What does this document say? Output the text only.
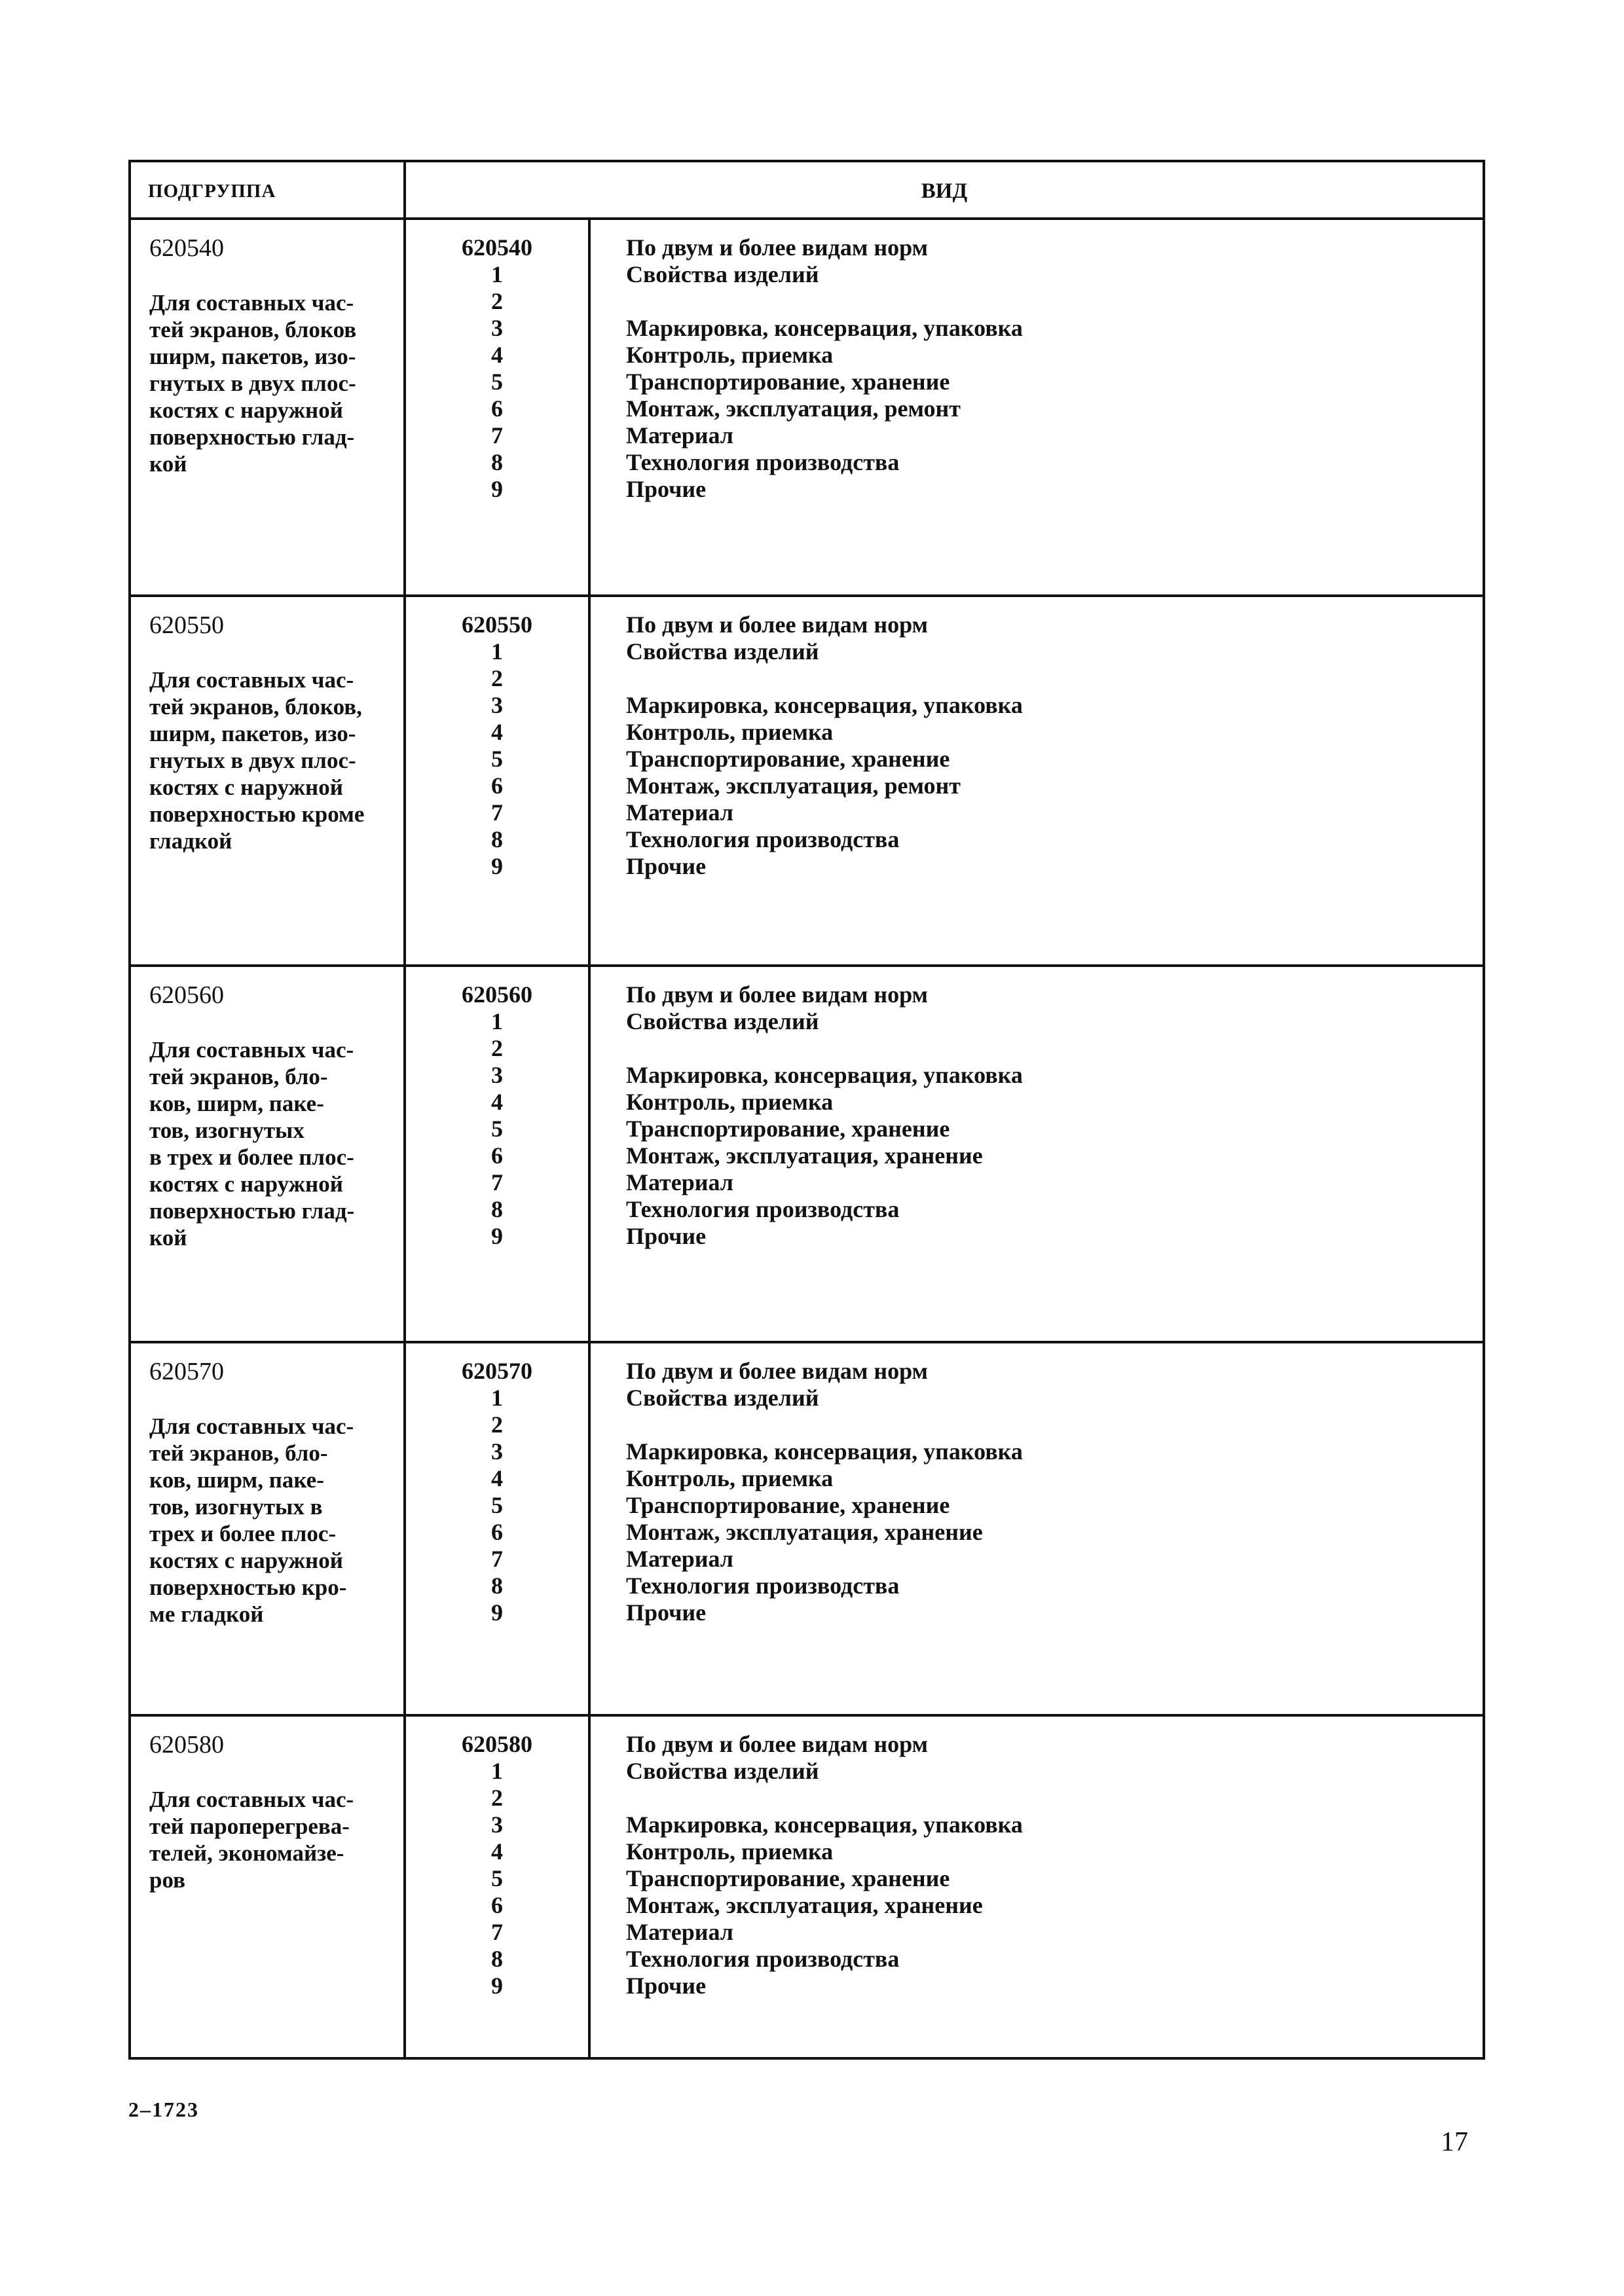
ПОДГРУППА	ВИД
620540
Для составных час-
тей экранов, блоков
ширм, пакетов, изо-
гнутых в двух плос-
костях с наружной
поверхностью глад-
кой
620540
1
2
3
4
5
6
7
8
9
По двум и более видам норм
Свойства изделий
Маркировка, консервация, упаковка
Контроль, приемка
Транспортирование, хранение
Монтаж, эксплуатация, ремонт
Материал
Технология производства
Прочие
620550
Для составных час-
тей экранов, блоков,
ширм, пакетов, изо-
гнутых в двух плос-
костях с наружной
поверхностью кроме
гладкой
620550
1
2
3
4
5
6
7
8
9
По двум и более видам норм
Свойства изделий
Маркировка, консервация, упаковка
Контроль, приемка
Транспортирование, хранение
Монтаж, эксплуатация, ремонт
Материал
Технология производства
Прочие
620560
Для составных час-
тей экранов, бло-
ков, ширм, паке-
тов, изогнутых
в трех и более плос-
костях с наружной
поверхностью глад-
кой
620560
1
2
3
4
5
6
7
8
9
По двум и более видам норм
Свойства изделий
Маркировка, консервация, упаковка
Контроль, приемка
Транспортирование, хранение
Монтаж, эксплуатация, хранение
Материал
Технология производства
Прочие
620570
Для составных час-
тей экранов, бло-
ков, ширм, паке-
тов, изогнутых в
трех и более плос-
костях с наружной
поверхностью кро-
ме гладкой
620570
1
2
3
4
5
6
7
8
9
По двум и более видам норм
Свойства изделий
Маркировка, консервация, упаковка
Контроль, приемка
Транспортирование, хранение
Монтаж, эксплуатация, хранение
Материал
Технология производства
Прочие
620580
Для составных час-
тей пароперегрева-
телей, экономайзе-
ров
620580
1
2
3
4
5
6
7
8
9
По двум и более видам норм
Свойства изделий
Маркировка, консервация, упаковка
Контроль, приемка
Транспортирование, хранение
Монтаж, эксплуатация, хранение
Материал
Технология производства
Прочие
2–1723
17
